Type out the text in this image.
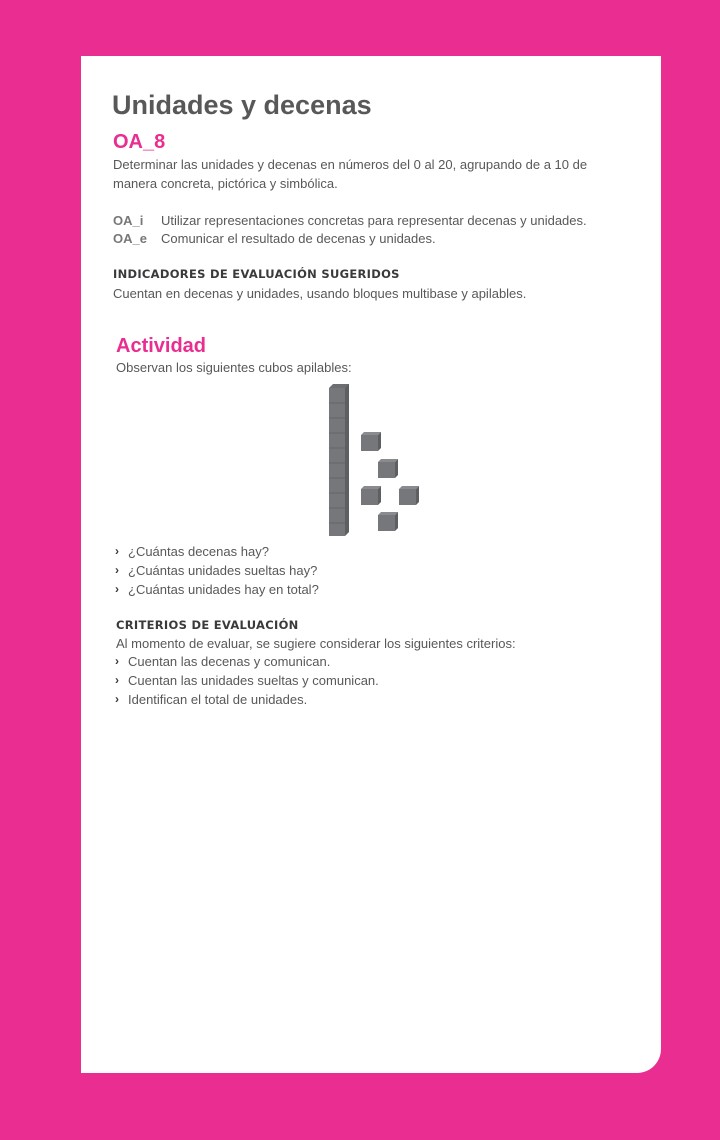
Unidades y decenas
OA_8
Determinar las unidades y decenas en números del 0 al 20, agrupando de a 10 de manera concreta, pictórica y simbólica.
OA_i	Utilizar representaciones concretas para representar decenas y unidades.
OA_e	Comunicar el resultado de decenas y unidades.
INDICADORES DE EVALUACIÓN SUGERIDOS
Cuentan en decenas y unidades, usando bloques multibase y apilables.
Actividad
Observan los siguientes cubos apilables:
› ¿Cuántas decenas hay?
› ¿Cuántas unidades sueltas hay?
› ¿Cuántas unidades hay en total?
CRITERIOS DE EVALUACIÓN
Al momento de evaluar, se sugiere considerar los siguientes criterios:
› Cuentan las decenas y comunican.
› Cuentan las unidades sueltas y comunican.
› Identifican el total de unidades.
